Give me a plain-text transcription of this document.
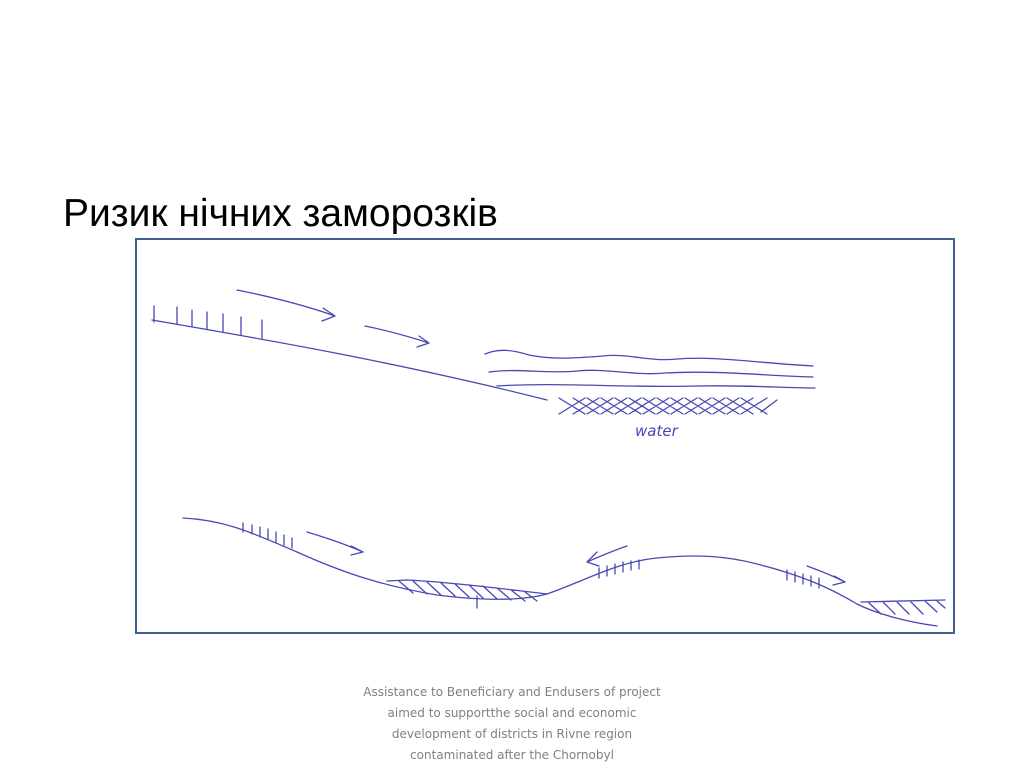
Ризик нічних заморозків
water
Assistance to Beneficiary and Endusers of project aimed to supportthe social and economic development of districts in Rivne region contaminated after the Chornobyl
